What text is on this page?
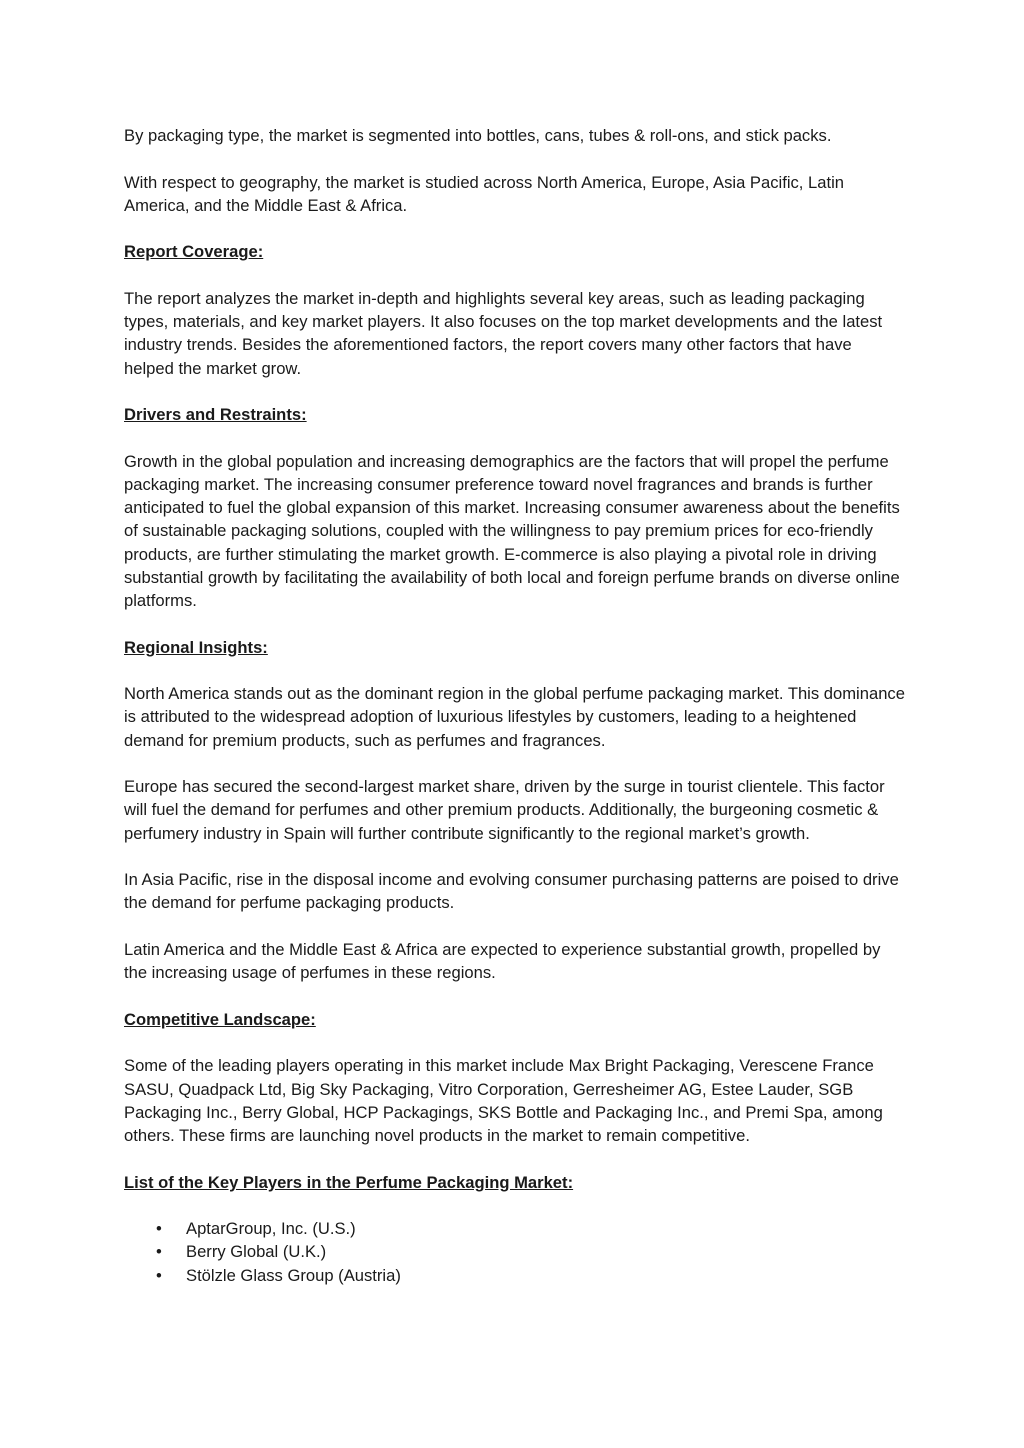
By packaging type, the market is segmented into bottles, cans, tubes & roll-ons, and stick packs.

With respect to geography, the market is studied across North America, Europe, Asia Pacific, Latin America, and the Middle East & Africa.

Report Coverage:

The report analyzes the market in-depth and highlights several key areas, such as leading packaging types, materials, and key market players. It also focuses on the top market developments and the latest industry trends. Besides the aforementioned factors, the report covers many other factors that have helped the market grow.

Drivers and Restraints:

Growth in the global population and increasing demographics are the factors that will propel the perfume packaging market. The increasing consumer preference toward novel fragrances and brands is further anticipated to fuel the global expansion of this market. Increasing consumer awareness about the benefits of sustainable packaging solutions, coupled with the willingness to pay premium prices for eco-friendly products, are further stimulating the market growth. E-commerce is also playing a pivotal role in driving substantial growth by facilitating the availability of both local and foreign perfume brands on diverse online platforms.

Regional Insights:

North America stands out as the dominant region in the global perfume packaging market. This dominance is attributed to the widespread adoption of luxurious lifestyles by customers, leading to a heightened demand for premium products, such as perfumes and fragrances.

Europe has secured the second-largest market share, driven by the surge in tourist clientele. This factor will fuel the demand for perfumes and other premium products. Additionally, the burgeoning cosmetic & perfumery industry in Spain will further contribute significantly to the regional market’s growth.

In Asia Pacific, rise in the disposal income and evolving consumer purchasing patterns are poised to drive the demand for perfume packaging products.

Latin America and the Middle East & Africa are expected to experience substantial growth, propelled by the increasing usage of perfumes in these regions.

Competitive Landscape:

Some of the leading players operating in this market include Max Bright Packaging, Verescene France SASU, Quadpack Ltd, Big Sky Packaging, Vitro Corporation, Gerresheimer AG, Estee Lauder, SGB Packaging Inc., Berry Global, HCP Packagings, SKS Bottle and Packaging Inc., and Premi Spa, among others. These firms are launching novel products in the market to remain competitive.

List of the Key Players in the Perfume Packaging Market:
• AptarGroup, Inc. (U.S.)
• Berry Global (U.K.)
• Stölzle Glass Group (Austria)
